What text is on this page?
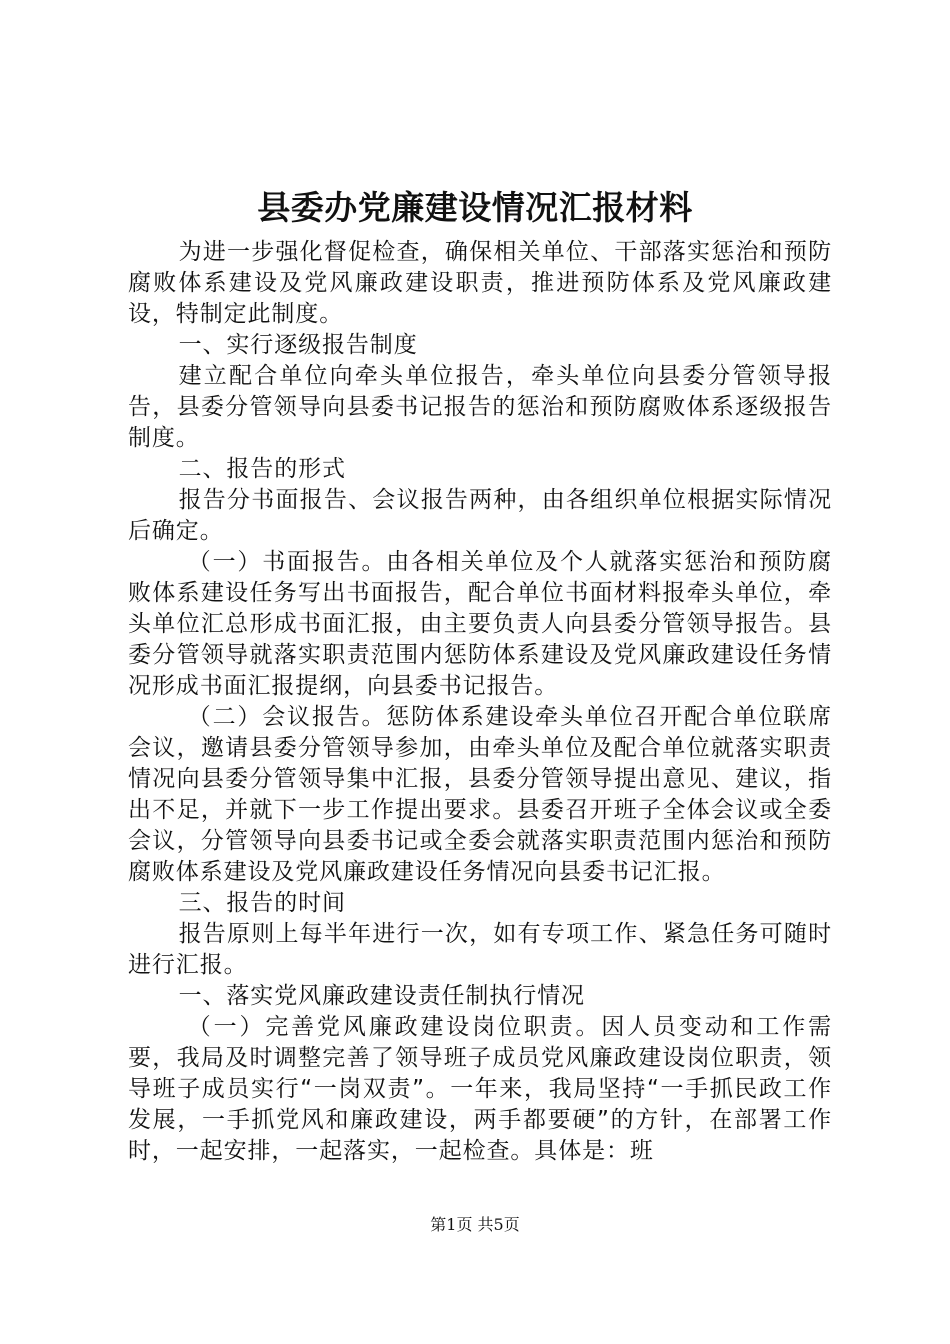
县委办党廉建设情况汇报材料

为进一步强化督促检查，确保相关单位、干部落实惩治和预防腐败体系建设及党风廉政建设职责，推进预防体系及党风廉政建设，特制定此制度。

一、实行逐级报告制度

建立配合单位向牵头单位报告，牵头单位向县委分管领导报告，县委分管领导向县委书记报告的惩治和预防腐败体系逐级报告制度。

二、报告的形式

报告分书面报告、会议报告两种，由各组织单位根据实际情况后确定。

（一）书面报告。由各相关单位及个人就落实惩治和预防腐败体系建设任务写出书面报告，配合单位书面材料报牵头单位，牵头单位汇总形成书面汇报，由主要负责人向县委分管领导报告。县委分管领导就落实职责范围内惩防体系建设及党风廉政建设任务情况形成书面汇报提纲，向县委书记报告。

（二）会议报告。惩防体系建设牵头单位召开配合单位联席会议，邀请县委分管领导参加，由牵头单位及配合单位就落实职责情况向县委分管领导集中汇报，县委分管领导提出意见、建议，指出不足，并就下一步工作提出要求。县委召开班子全体会议或全委会议，分管领导向县委书记或全委会就落实职责范围内惩治和预防腐败体系建设及党风廉政建设任务情况向县委书记汇报。

三、报告的时间

报告原则上每半年进行一次，如有专项工作、紧急任务可随时进行汇报。

一、落实党风廉政建设责任制执行情况

（一）完善党风廉政建设岗位职责。因人员变动和工作需要，我局及时调整完善了领导班子成员党风廉政建设岗位职责，领导班子成员实行“一岗双责”。一年来，我局坚持“一手抓民政工作发展，一手抓党风和廉政建设，两手都要硬”的方针，在部署工作时，一起安排，一起落实，一起检查。具体是：班

第1页 共5页
